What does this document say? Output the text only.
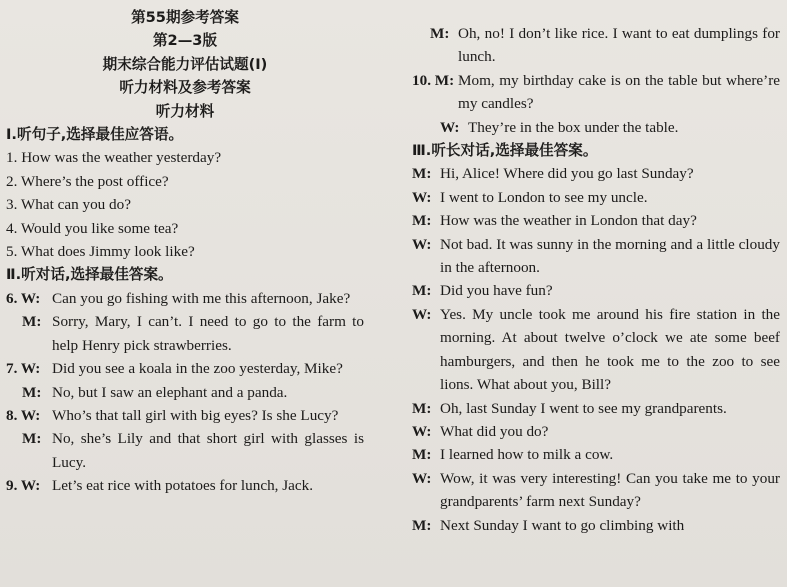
第55期参考答案
第2—3版
期末综合能力评估试题(Ⅰ)
听力材料及参考答案
听力材料
Ⅰ.听句子,选择最佳应答语。
1. How was the weather yesterday?
2. Where’s the post office?
3. What can you do?
4. Would you like some tea?
5. What does Jimmy look like?
Ⅱ.听对话,选择最佳答案。
6. W: Can you go fishing with me this afternoon, Jake?
M: Sorry, Mary, I can’t. I need to go to the farm to help Henry pick strawberries.
7. W: Did you see a koala in the zoo yesterday, Mike?
M: No, but I saw an elephant and a panda.
8. W: Who’s that tall girl with big eyes? Is she Lucy?
M: No, she’s Lily and that short girl with glasses is Lucy.
9. W: Let’s eat rice with potatoes for lunch, Jack.
M: Oh, no! I don’t like rice. I want to eat dumplings for lunch.
10. M: Mom, my birthday cake is on the table but where’re my candles?
W: They’re in the box under the table.
Ⅲ.听长对话,选择最佳答案。
M: Hi, Alice! Where did you go last Sunday?
W: I went to London to see my uncle.
M: How was the weather in London that day?
W: Not bad. It was sunny in the morning and a little cloudy in the afternoon.
M: Did you have fun?
W: Yes. My uncle took me around his fire station in the morning. At about twelve o’clock we ate some beef hamburgers, and then he took me to the zoo to see lions. What about you, Bill?
M: Oh, last Sunday I went to see my grandparents.
W: What did you do?
M: I learned how to milk a cow.
W: Wow, it was very interesting! Can you take me to your grandparents’ farm next Sunday?
M: Next Sunday I want to go climbing with
